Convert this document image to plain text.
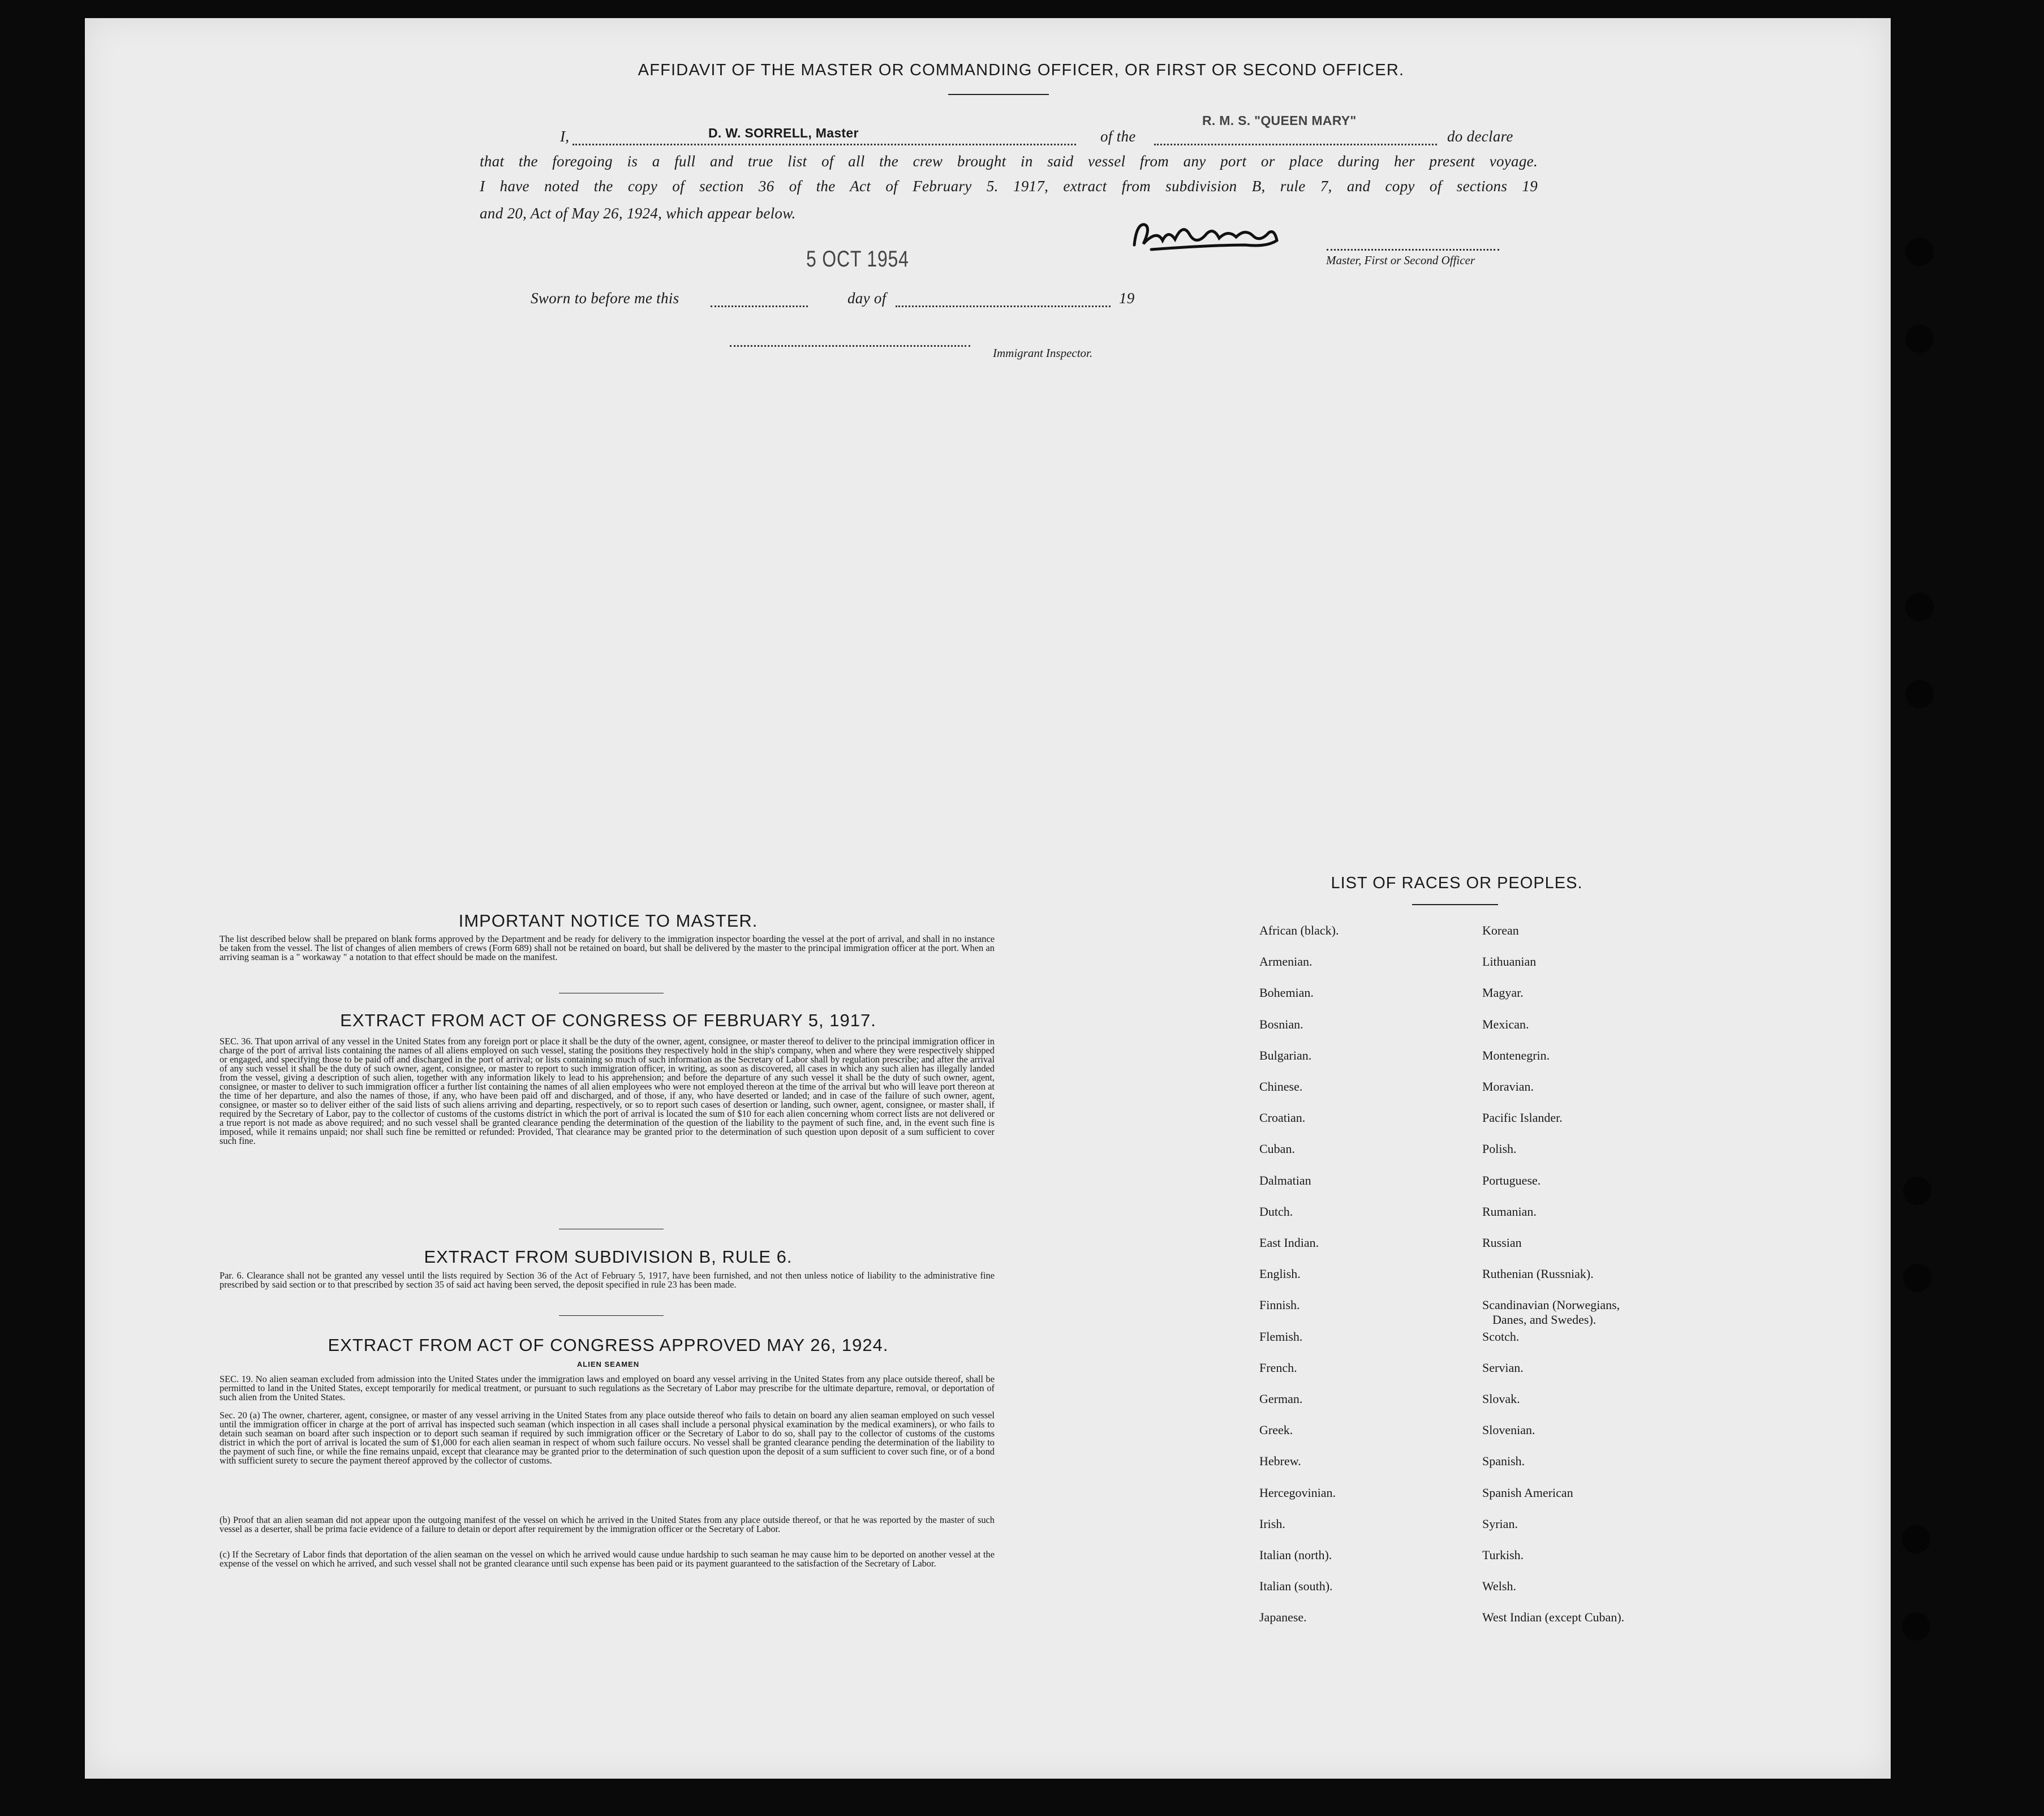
AFFIDAVIT OF THE MASTER OR COMMANDING OFFICER, OR FIRST OR SECOND OFFICER.
I,	D. W. SORRELL, Master	of the
R. M. S. "QUEEN MARY"
do declare
that the foregoing is a full and true list of all the crew brought in said vessel from any port or place during her present voyage.
I have noted the copy of section 36 of the Act of February 5. 1917, extract from subdivision B, rule 7, and copy of sections 19
and 20, Act of May 26, 1924, which appear below.
5 OCT 1954	Master, First or Second Officer
Sworn to before me this	day of	19
Immigrant Inspector.
IMPORTANT NOTICE TO MASTER.
The list described below shall be prepared on blank forms approved by the Department and be ready for delivery to the immigration inspector boarding the vessel at the port of arrival, and shall in no instance be taken from the vessel. The list of changes of alien members of crews (Form 689) shall not be retained on board, but shall be delivered by the master to the principal immigration officer at the port. When an arriving seaman is a " workaway " a notation to that effect should be made on the manifest.
EXTRACT FROM ACT OF CONGRESS OF FEBRUARY 5, 1917.
SEC. 36. That upon arrival of any vessel in the United States from any foreign port or place it shall be the duty of the owner, agent, consignee, or master thereof to deliver to the principal immigration officer in charge of the port of arrival lists containing the names of all aliens employed on such vessel, stating the positions they respectively hold in the ship's company, when and where they were respectively shipped or engaged, and specifying those to be paid off and discharged in the port of arrival; or lists containing so much of such information as the Secretary of Labor shall by regulation prescribe; and after the arrival of any such vessel it shall be the duty of such owner, agent, consignee, or master to report to such immigration officer, in writing, as soon as discovered, all cases in which any such alien has illegally landed from the vessel, giving a description of such alien, together with any information likely to lead to his apprehension; and before the departure of any such vessel it shall be the duty of such owner, agent, consignee, or master to deliver to such immigration officer a further list containing the names of all alien employees who were not employed thereon at the time of the arrival but who will leave port thereon at the time of her departure, and also the names of those, if any, who have been paid off and discharged, and of those, if any, who have deserted or landed; and in case of the failure of such owner, agent, consignee, or master so to deliver either of the said lists of such aliens arriving and departing, respectively, or so to report such cases of desertion or landing, such owner, agent, consignee, or master shall, if required by the Secretary of Labor, pay to the collector of customs of the customs district in which the port of arrival is located the sum of $10 for each alien concerning whom correct lists are not delivered or a true report is not made as above required; and no such vessel shall be granted clearance pending the determination of the question of the liability to the payment of such fine, and, in the event such fine is imposed, while it remains unpaid; nor shall such fine be remitted or refunded: Provided, That clearance may be granted prior to the determination of such question upon deposit of a sum sufficient to cover such fine.
EXTRACT FROM SUBDIVISION B, RULE 6.
Par. 6. Clearance shall not be granted any vessel until the lists required by Section 36 of the Act of February 5, 1917, have been furnished, and not then unless notice of liability to the administrative fine prescribed by said section or to that prescribed by section 35 of said act having been served, the deposit specified in rule 23 has been made.
EXTRACT FROM ACT OF CONGRESS APPROVED MAY 26, 1924.
ALIEN SEAMEN
SEC. 19. No alien seaman excluded from admission into the United States under the immigration laws and employed on board any vessel arriving in the United States from any place outside thereof, shall be permitted to land in the United States, except temporarily for medical treatment, or pursuant to such regulations as the Secretary of Labor may prescribe for the ultimate departure, removal, or deportation of such alien from the United States.
Sec. 20 (a) The owner, charterer, agent, consignee, or master of any vessel arriving in the United States from any place outside thereof who fails to detain on board any alien seaman employed on such vessel until the immigration officer in charge at the port of arrival has inspected such seaman (which inspection in all cases shall include a personal physical examination by the medical examiners), or who fails to detain such seaman on board after such inspection or to deport such seaman if required by such immigration officer or the Secretary of Labor to do so, shall pay to the collector of customs of the customs district in which the port of arrival is located the sum of $1,000 for each alien seaman in respect of whom such failure occurs. No vessel shall be granted clearance pending the determination of the liability to the payment of such fine, or while the fine remains unpaid, except that clearance may be granted prior to the determination of such question upon the deposit of a sum sufficient to cover such fine, or of a bond with sufficient surety to secure the payment thereof approved by the collector of customs.
(b) Proof that an alien seaman did not appear upon the outgoing manifest of the vessel on which he arrived in the United States from any place outside thereof, or that he was reported by the master of such vessel as a deserter, shall be prima facie evidence of a failure to detain or deport after requirement by the immigration officer or the Secretary of Labor.
(c) If the Secretary of Labor finds that deportation of the alien seaman on the vessel on which he arrived would cause undue hardship to such seaman he may cause him to be deported on another vessel at the expense of the vessel on which he arrived, and such vessel shall not be granted clearance until such expense has been paid or its payment guaranteed to the satisfaction of the Secretary of Labor.
LIST OF RACES OR PEOPLES.
African (black).
Armenian.
Bohemian.
Bosnian.
Bulgarian.
Chinese.
Croatian.
Cuban.
Dalmatian
Dutch.
East Indian.
English.
Finnish.
Flemish.
French.
German.
Greek.
Hebrew.
Hercegovinian.
Irish.
Italian (north).
Italian (south).
Japanese.
Korean
Lithuanian
Magyar.
Mexican.
Montenegrin.
Moravian.
Pacific Islander.
Polish.
Portuguese.
Rumanian.
Russian
Ruthenian (Russniak).
Scandinavian (Norwegians,
Scotch.
Servian.
Slovak.
Slovenian.
Spanish.
Spanish American
Syrian.
Turkish.
Welsh.
West Indian (except Cuban).
Danes, and Swedes).
